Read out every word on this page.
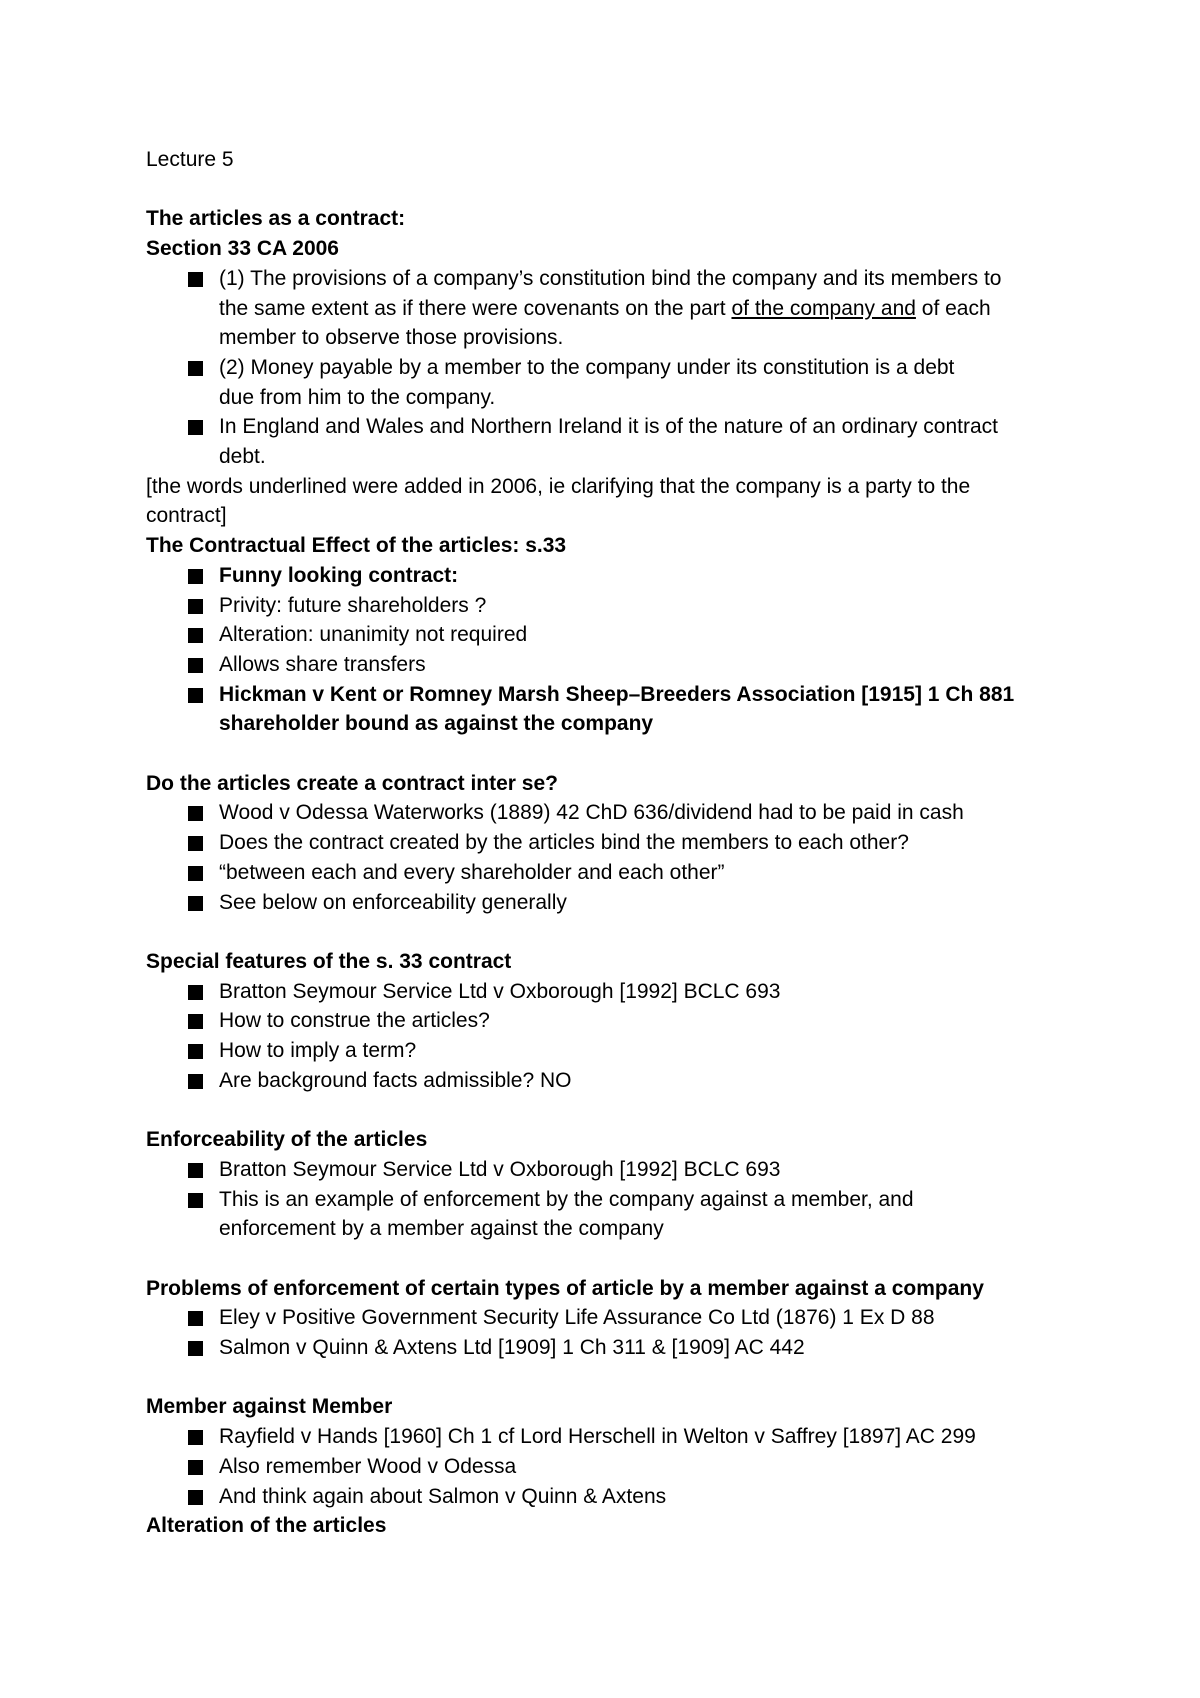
Lecture 5

The articles as a contract:

Section 33 CA 2006

(1) The provisions of a company’s constitution bind the company and its members to
the same extent as if there were covenants on the part of the company and of each
member to observe those provisions.
(2) Money payable by a member to the company under its constitution is a debt
due from him to the company.
In England and Wales and Northern Ireland it is of the nature of an ordinary contract
debt.

[the words underlined were added in 2006, ie clarifying that the company is a party to the

contract]

The Contractual Effect of the articles: s.33

Funny looking contract:
Privity: future shareholders ?
Alteration: unanimity not required
Allows share transfers
Hickman v Kent or Romney Marsh Sheep–Breeders Association [1915] 1 Ch 881
shareholder bound as against the company

Do the articles create a contract inter se?

Wood v Odessa Waterworks (1889) 42 ChD 636/dividend had to be paid in cash
Does the contract created by the articles bind the members to each other?
“between each and every shareholder and each other”
See below on enforceability generally

Special features of the s. 33 contract

Bratton Seymour Service Ltd v Oxborough [1992] BCLC 693
How to construe the articles?
How to imply a term?
Are background facts admissible? NO

Enforceability of the articles

Bratton Seymour Service Ltd v Oxborough [1992] BCLC 693
This is an example of enforcement by the company against a member, and
enforcement by a member against the company

Problems of enforcement of certain types of article by a member against a company

Eley v Positive Government Security Life Assurance Co Ltd (1876) 1 Ex D 88
Salmon v Quinn & Axtens Ltd [1909] 1 Ch 311 & [1909] AC 442

Member against Member

Rayfield v Hands [1960] Ch 1 cf Lord Herschell in Welton v Saffrey [1897] AC 299
Also remember Wood v Odessa
And think again about Salmon v Quinn & Axtens

Alteration of the articles
